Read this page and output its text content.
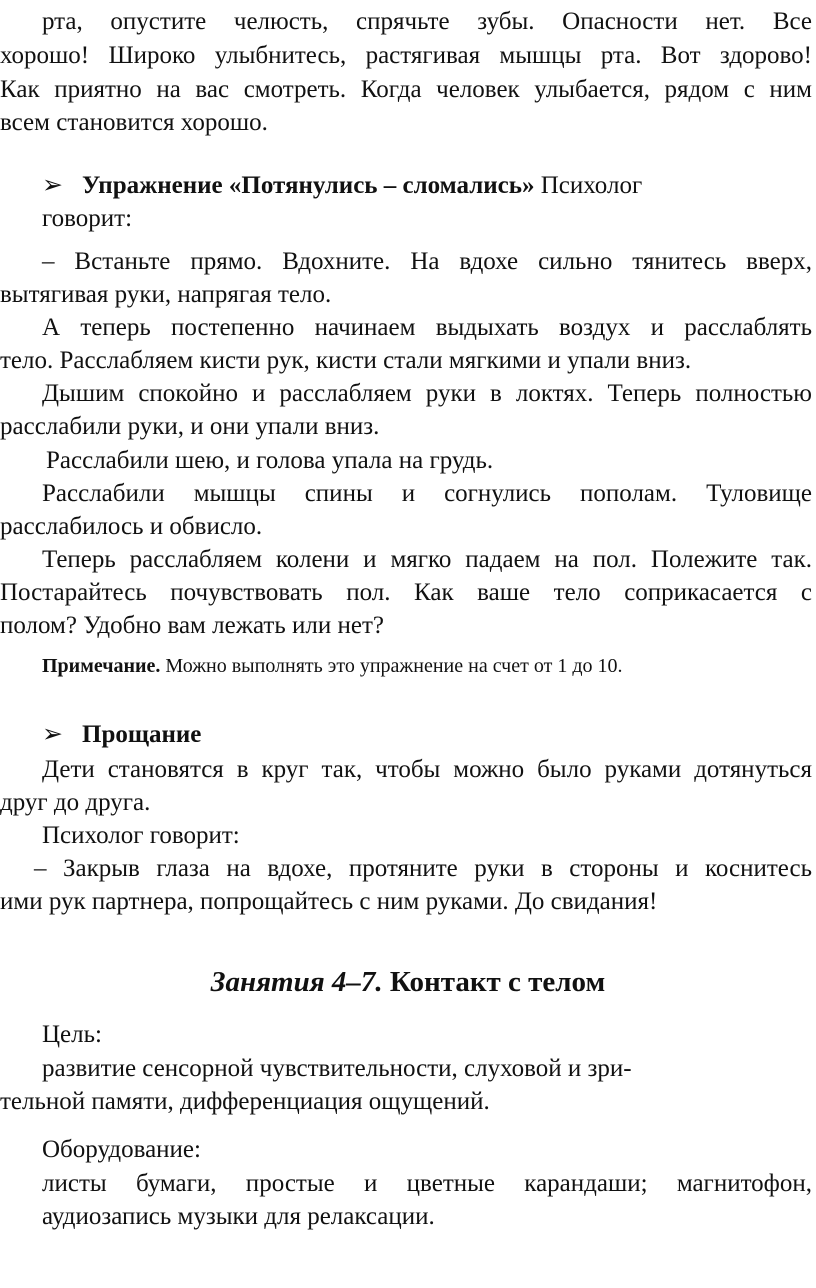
рта, опустите челюсть, спрячьте зубы. Опасности нет. Все

хорошо! Широко улыбнитесь, растягивая мышцы рта. Вот здорово!

Как приятно на вас смотреть. Когда человек улыбается, рядом с ним

всем становится хорошо.

➢ Упражнение «Потянулись – сломались» Психолог

говорит:

– Встаньте прямо. Вдохните. На вдохе сильно тянитесь вверх,

вытягивая руки, напрягая тело.

А теперь постепенно начинаем выдыхать воздух и расслаблять

тело. Расслабляем кисти рук, кисти стали мягкими и упали вниз.

Дышим спокойно и расслабляем руки в локтях. Теперь полностью

расслабили руки, и они упали вниз.

Расслабили шею, и голова упала на грудь.

Расслабили мышцы спины и согнулись пополам. Туловище

расслабилось и обвисло.

Теперь расслабляем колени и мягко падаем на пол. Полежите так.

Постарайтесь почувствовать пол. Как ваше тело соприкасается с

полом? Удобно вам лежать или нет?

Примечание. Можно выполнять это упражнение на счет от 1 до 10.

➢ Прощание

Дети становятся в круг так, чтобы можно было руками дотянуться

друг до друга.

Психолог говорит:

– Закрыв глаза на вдохе, протяните руки в стороны и коснитесь

ими рук партнера, попрощайтесь с ним руками. До свидания!

Занятия 4–7. Контакт с телом

Цель:

развитие сенсорной чувствительности, слуховой и зри-

тельной памяти, дифференциация ощущений.

Оборудование:

листы бумаги, простые и цветные карандаши; магнитофон,

аудиозапись музыки для релаксации.
